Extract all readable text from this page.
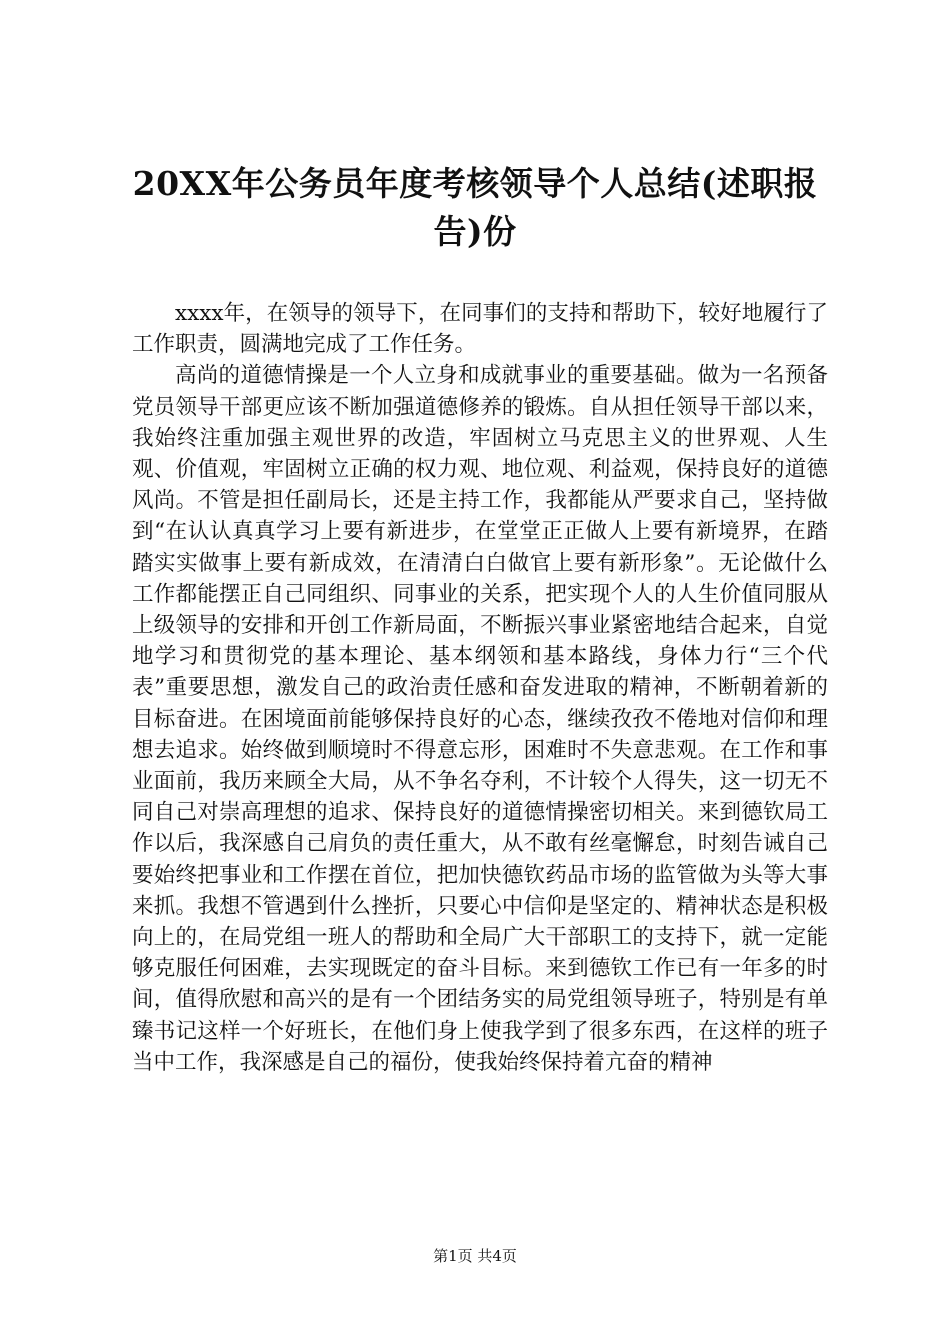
20XX年公务员年度考核领导个人总结(述职报告)份

xxxx年，在领导的领导下，在同事们的支持和帮助下，较好地履行了工作职责，圆满地完成了工作任务。

高尚的道德情操是一个人立身和成就事业的重要基础。做为一名预备党员领导干部更应该不断加强道德修养的锻炼。自从担任领导干部以来，我始终注重加强主观世界的改造，牢固树立马克思主义的世界观、人生观、价值观，牢固树立正确的权力观、地位观、利益观，保持良好的道德风尚。不管是担任副局长，还是主持工作，我都能从严要求自己，坚持做到“在认认真真学习上要有新进步，在堂堂正正做人上要有新境界，在踏踏实实做事上要有新成效，在清清白白做官上要有新形象”。无论做什么工作都能摆正自己同组织、同事业的关系，把实现个人的人生价值同服从上级领导的安排和开创工作新局面，不断振兴事业紧密地结合起来，自觉地学习和贯彻党的基本理论、基本纲领和基本路线，身体力行“三个代表”重要思想，激发自己的政治责任感和奋发进取的精神，不断朝着新的目标奋进。在困境面前能够保持良好的心态，继续孜孜不倦地对信仰和理想去追求。始终做到顺境时不得意忘形，困难时不失意悲观。在工作和事业面前，我历来顾全大局，从不争名夺利，不计较个人得失，这一切无不同自己对崇高理想的追求、保持良好的道德情操密切相关。来到德钦局工作以后，我深感自己肩负的责任重大，从不敢有丝毫懈怠，时刻告诫自己要始终把事业和工作摆在首位，把加快德钦药品市场的监管做为头等大事来抓。我想不管遇到什么挫折，只要心中信仰是坚定的、精神状态是积极向上的，在局党组一班人的帮助和全局广大干部职工的支持下，就一定能够克服任何困难，去实现既定的奋斗目标。来到德钦工作已有一年多的时间，值得欣慰和高兴的是有一个团结务实的局党组领导班子，特别是有单臻书记这样一个好班长，在他们身上使我学到了很多东西，在这样的班子当中工作，我深感是自己的福份，使我始终保持着亢奋的精神

第1页 共4页
